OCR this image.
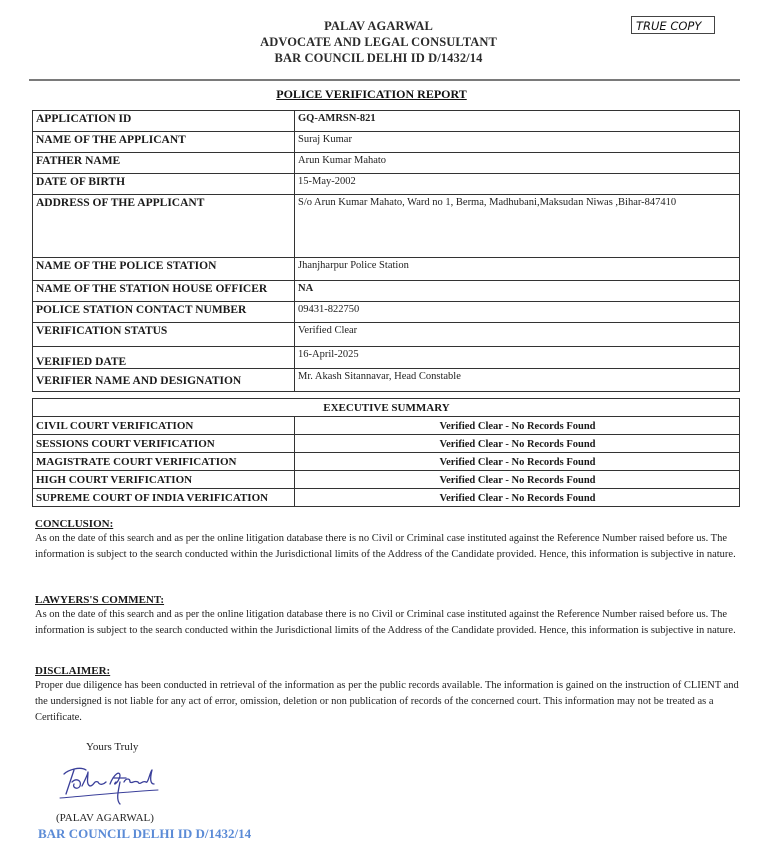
PALAV AGARWAL
ADVOCATE AND LEGAL CONSULTANT
BAR COUNCIL DELHI ID D/1432/14
TRUE COPY
POLICE VERIFICATION REPORT
APPLICATION ID	GQ-AMRSN-821
NAME OF THE APPLICANT	Suraj Kumar
FATHER NAME	Arun Kumar Mahato
DATE OF BIRTH	15-May-2002
ADDRESS OF THE APPLICANT	S/o Arun Kumar Mahato, Ward no 1, Berma, Madhubani,Maksudan Niwas ,Bihar-847410
NAME OF THE POLICE STATION	Jhanjharpur Police Station
NAME OF THE STATION HOUSE OFFICER	NA
POLICE STATION CONTACT NUMBER	09431-822750
VERIFICATION STATUS	Verified Clear
VERIFIED DATE	16-April-2025
VERIFIER NAME AND DESIGNATION	Mr. Akash Sitannavar, Head Constable
EXECUTIVE SUMMARY	
CIVIL COURT VERIFICATION	Verified Clear - No Records Found
SESSIONS COURT VERIFICATION	Verified Clear - No Records Found
MAGISTRATE COURT VERIFICATION	Verified Clear - No Records Found
HIGH COURT VERIFICATION	Verified Clear - No Records Found
SUPREME COURT OF INDIA VERIFICATION	Verified Clear - No Records Found
CONCLUSION:
As on the date of this search and as per the online litigation database there is no Civil or Criminal case instituted against the Reference Number raised before us. The information is subject to the search conducted within the Jurisdictional limits of the Address of the Candidate provided. Hence, this information is subjective in nature.
LAWYERS'S COMMENT:
As on the date of this search and as per the online litigation database there is no Civil or Criminal case instituted against the Reference Number raised before us. The information is subject to the search conducted within the Jurisdictional limits of the Address of the Candidate provided. Hence, this information is subjective in nature.
DISCLAIMER:
Proper due diligence has been conducted in retrieval of the information as per the public records available. The information is gained on the instruction of CLIENT and the undersigned is not liable for any act of error, omission, deletion or non publication of records of the concerned court. This information may not be treated as a Certificate.
Yours Truly
(PALAV AGARWAL)
BAR COUNCIL DELHI ID D/1432/14
